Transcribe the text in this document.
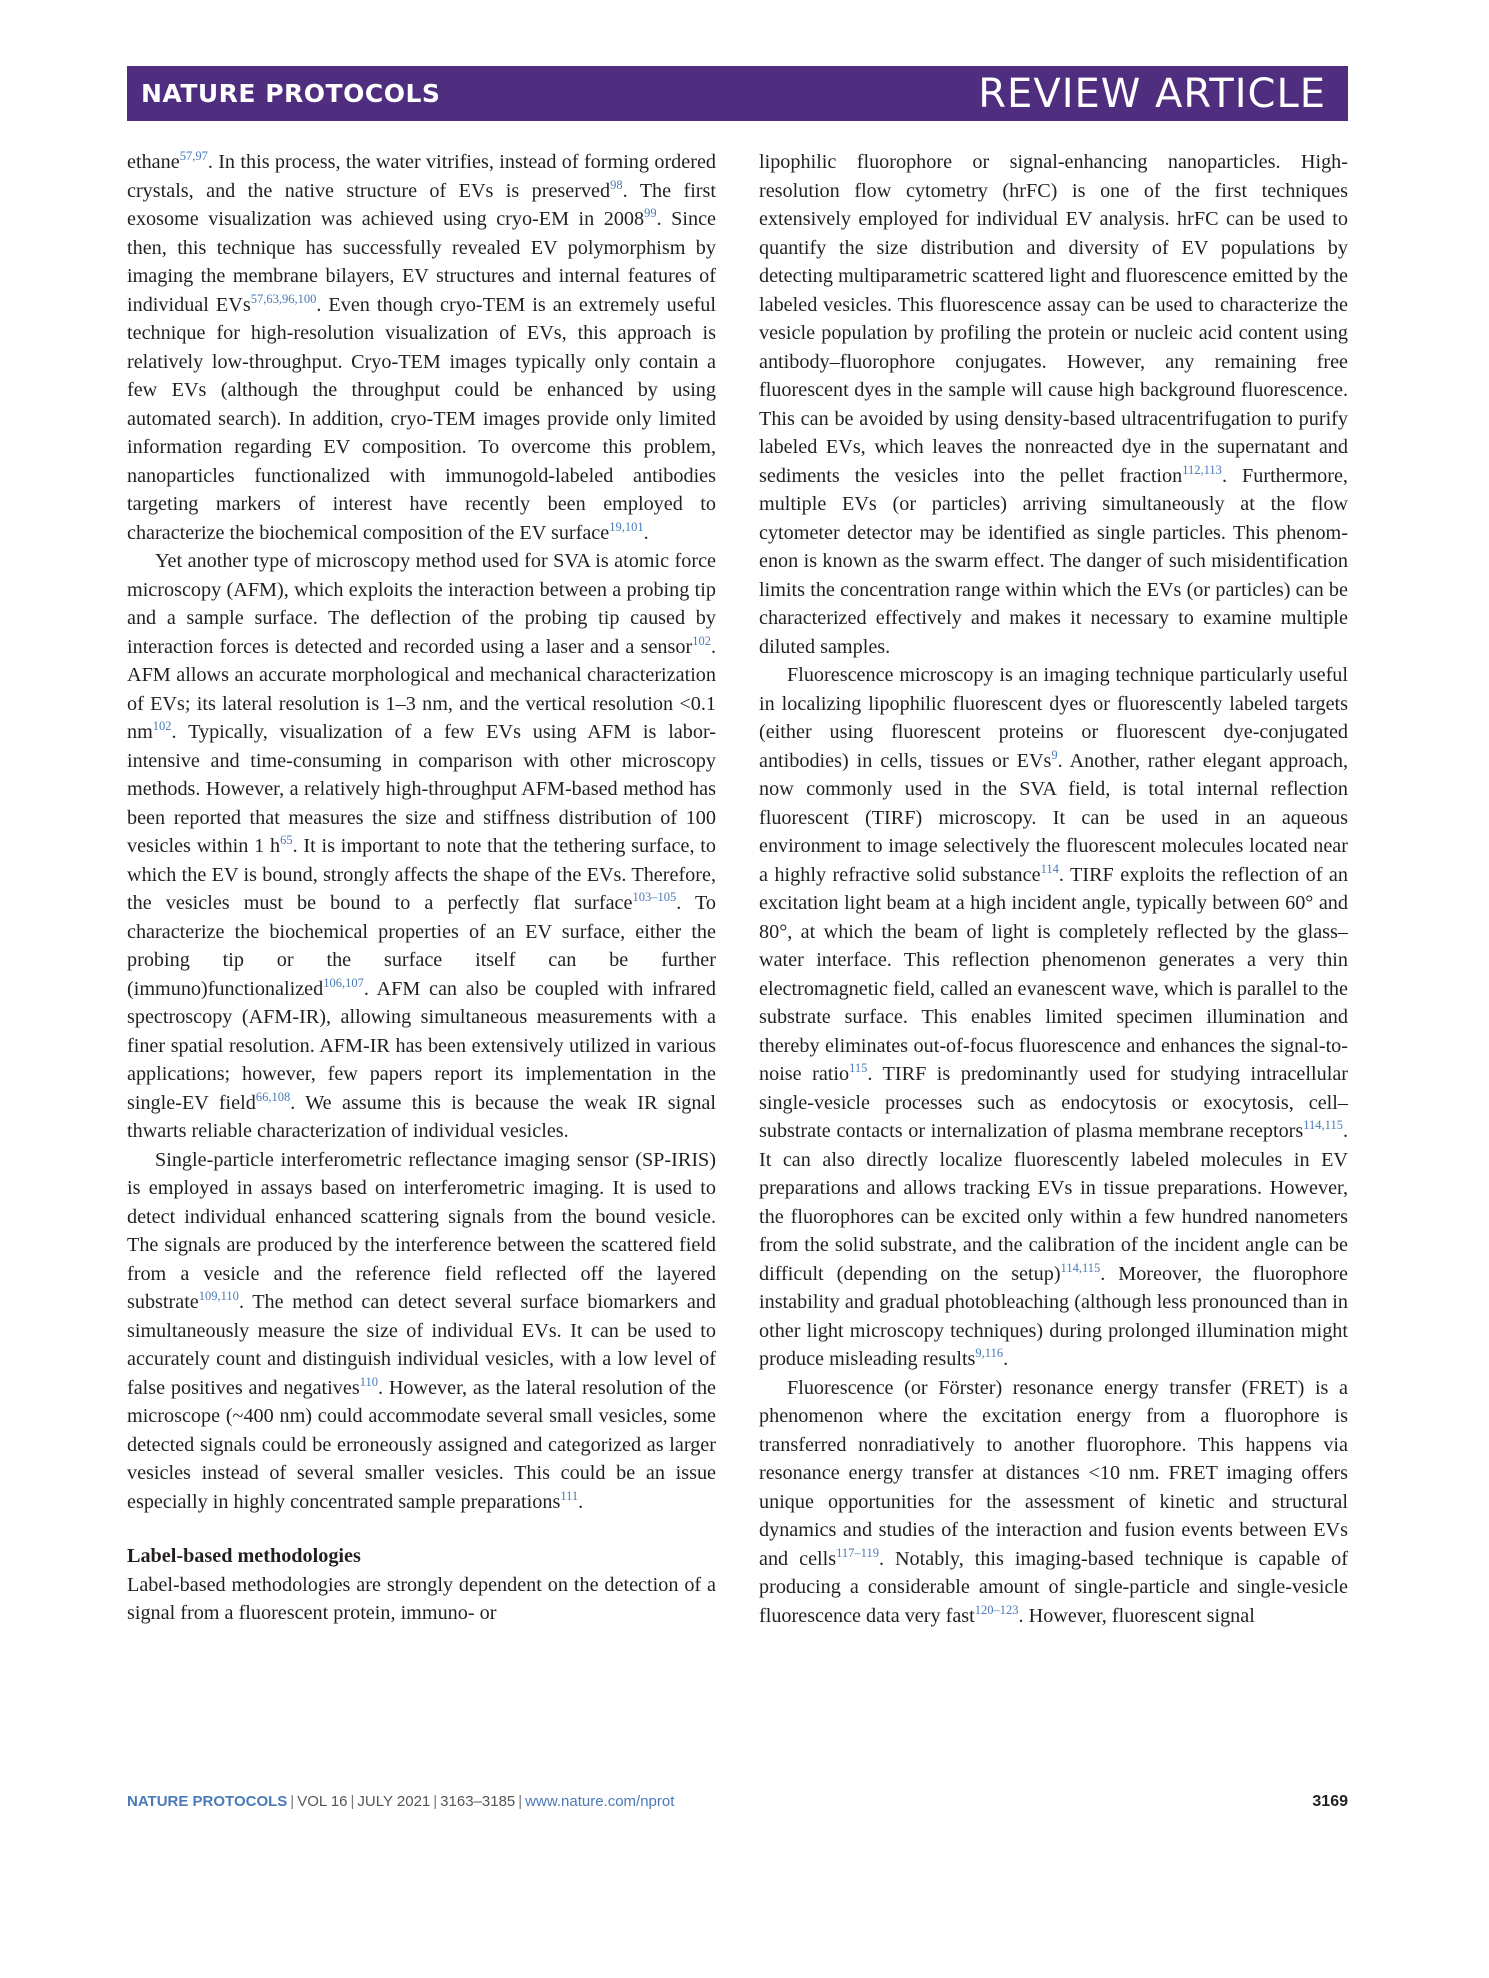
NATURE PROTOCOLS	REVIEW ARTICLE

ethane$^{57,97}$. In this process, the water vitrifies, instead of forming ordered crystals, and the native structure of EVs is preserved$^{98}$. The first exosome visualization was achieved using cryo-EM in 2008$^{99}$. Since then, this technique has successfully revealed EV polymorphism by imaging the membrane bilayers, EV structures and internal features of individual EVs$^{57,63,96,100}$. Even though cryo-TEM is an extremely useful technique for high-resolution visualization of EVs, this approach is relatively low-throughput. Cryo-TEM images typically only contain a few EVs (although the throughput could be enhanced by using automated search). In addition, cryo-TEM images provide only limited information regarding EV composition. To overcome this problem, nanoparticles functionalized with immunogold-labeled antibodies targeting markers of interest have recently been employed to characterize the biochemical composition of the EV surface$^{19,101}$.

Yet another type of microscopy method used for SVA is atomic force microscopy (AFM), which exploits the interaction between a probing tip and a sample surface. The deflection of the probing tip caused by interaction forces is detected and recorded using a laser and a sensor$^{102}$. AFM allows an accurate morphological and mechanical characterization of EVs; its lateral resolution is 1–3 nm, and the vertical resolution <0.1 $nm^{102}$. Typically, visualization of a few EVs using AFM is labor-intensive and time-consuming in comparison with other microscopy methods. However, a relatively high-throughput AFM-based method has been reported that measures the size and stiffness distribution of 100 vesicles within 1 $h^{65}$. It is important to note that the tethering surface, to which the EV is bound, strongly affects the shape of the EVs. Therefore, the vesicles must be bound to a perfectly flat surface$^{103-105}$. To characterize the biochemical properties of an EV surface, either the probing tip or the surface itself can be further (immuno)functionalized$^{106,107}$. AFM can also be coupled with infrared spectroscopy (AFM-IR), allowing simultaneous measurements with a finer spatial resolution. AFM-IR has been extensively utilized in various applications; however, few papers report its implementation in the single-EV field$^{66,108}$. We assume this is because the weak IR signal thwarts reliable characterization of individual vesicles.

Single-particle interferometric reflectance imaging sensor (SP-IRIS) is employed in assays based on interferometric imaging. It is used to detect individual enhanced scattering signals from the bound vesicle. The signals are produced by the interference between the scattered field from a vesicle and the reference field reflected off the layered substrate$^{109,110}$. The method can detect several surface biomarkers and simultaneously measure the size of individual EVs. It can be used to accurately count and distinguish individual vesicles, with a low level of false positives and negatives$^{110}$. However, as the lateral resolution of the microscope (~400 nm) could accommodate several small vesicles, some detected signals could be erroneously assigned and categorized as larger vesicles instead of several smaller vesicles. This could be an issue especially in highly concentrated sample preparations$^{111}$.

Label-based methodologies

Label-based methodologies are strongly dependent on the detection of a signal from a fluorescent protein, immuno- or

lipophilic fluorophore or signal-enhancing nanoparticles. High-resolution flow cytometry (hrFC) is one of the first techniques extensively employed for individual EV analysis. hrFC can be used to quantify the size distribution and diversity of EV populations by detecting multiparametric scattered light and fluorescence emitted by the labeled vesicles. This fluorescence assay can be used to characterize the vesicle population by profiling the protein or nucleic acid content using antibody–fluorophore conjugates. However, any remaining free fluorescent dyes in the sample will cause high background fluorescence. This can be avoided by using density-based ultracentrifugation to purify labeled EVs, which leaves the nonreacted dye in the supernatant and sediments the vesicles into the pellet fraction$^{112,113}$. Furthermore, multiple EVs (or particles) arriving simultaneously at the flow cytometer detector may be identified as single particles. This phenomenon is known as the swarm effect. The danger of such misidentification limits the concentration range within which the EVs (or particles) can be characterized effectively and makes it necessary to examine multiple diluted samples.

Fluorescence microscopy is an imaging technique particularly useful in localizing lipophilic fluorescent dyes or fluorescently labeled targets (either using fluorescent proteins or fluorescent dye-conjugated antibodies) in cells, tissues or EVs$^9$. Another, rather elegant approach, now commonly used in the SVA field, is total internal reflection fluorescent (TIRF) microscopy. It can be used in an aqueous environment to image selectively the fluorescent molecules located near a highly refractive solid substance$^{114}$. TIRF exploits the reflection of an excitation light beam at a high incident angle, typically between 60° and 80°, at which the beam of light is completely reflected by the glass–water interface. This reflection phenomenon generates a very thin electromagnetic field, called an evanescent wave, which is parallel to the substrate surface. This enables limited specimen illumination and thereby eliminates out-of-focus fluorescence and enhances the signal-to-noise ratio$^{115}$. TIRF is predominantly used for studying intracellular single-vesicle processes such as endocytosis or exocytosis, cell–substrate contacts or internalization of plasma membrane receptors$^{114,115}$. It can also directly localize fluorescently labeled molecules in EV preparations and allows tracking EVs in tissue preparations. However, the fluorophores can be excited only within a few hundred nanometers from the solid substrate, and the calibration of the incident angle can be difficult (depending on the setup)$^{114,115}$. Moreover, the fluorophore instability and gradual photobleaching (although less pronounced than in other light microscopy techniques) during prolonged illumination might produce misleading results$^{9,116}$.

Fluorescence (or Förster) resonance energy transfer (FRET) is a phenomenon where the excitation energy from a fluorophore is transferred nonradiatively to another fluorophore. This happens via resonance energy transfer at distances <10 nm. FRET imaging offers unique opportunities for the assessment of kinetic and structural dynamics and studies of the interaction and fusion events between EVs and cells$^{117-119}$. Notably, this imaging-based technique is capable of producing a considerable amount of single-particle and single-vesicle fluorescence data very fast$^{120-123}$. However, fluorescent signal

NATURE PROTOCOLS | VOL 16 | JULY 2021 | 3163–3185 | www.nature.com/nprot	3169
